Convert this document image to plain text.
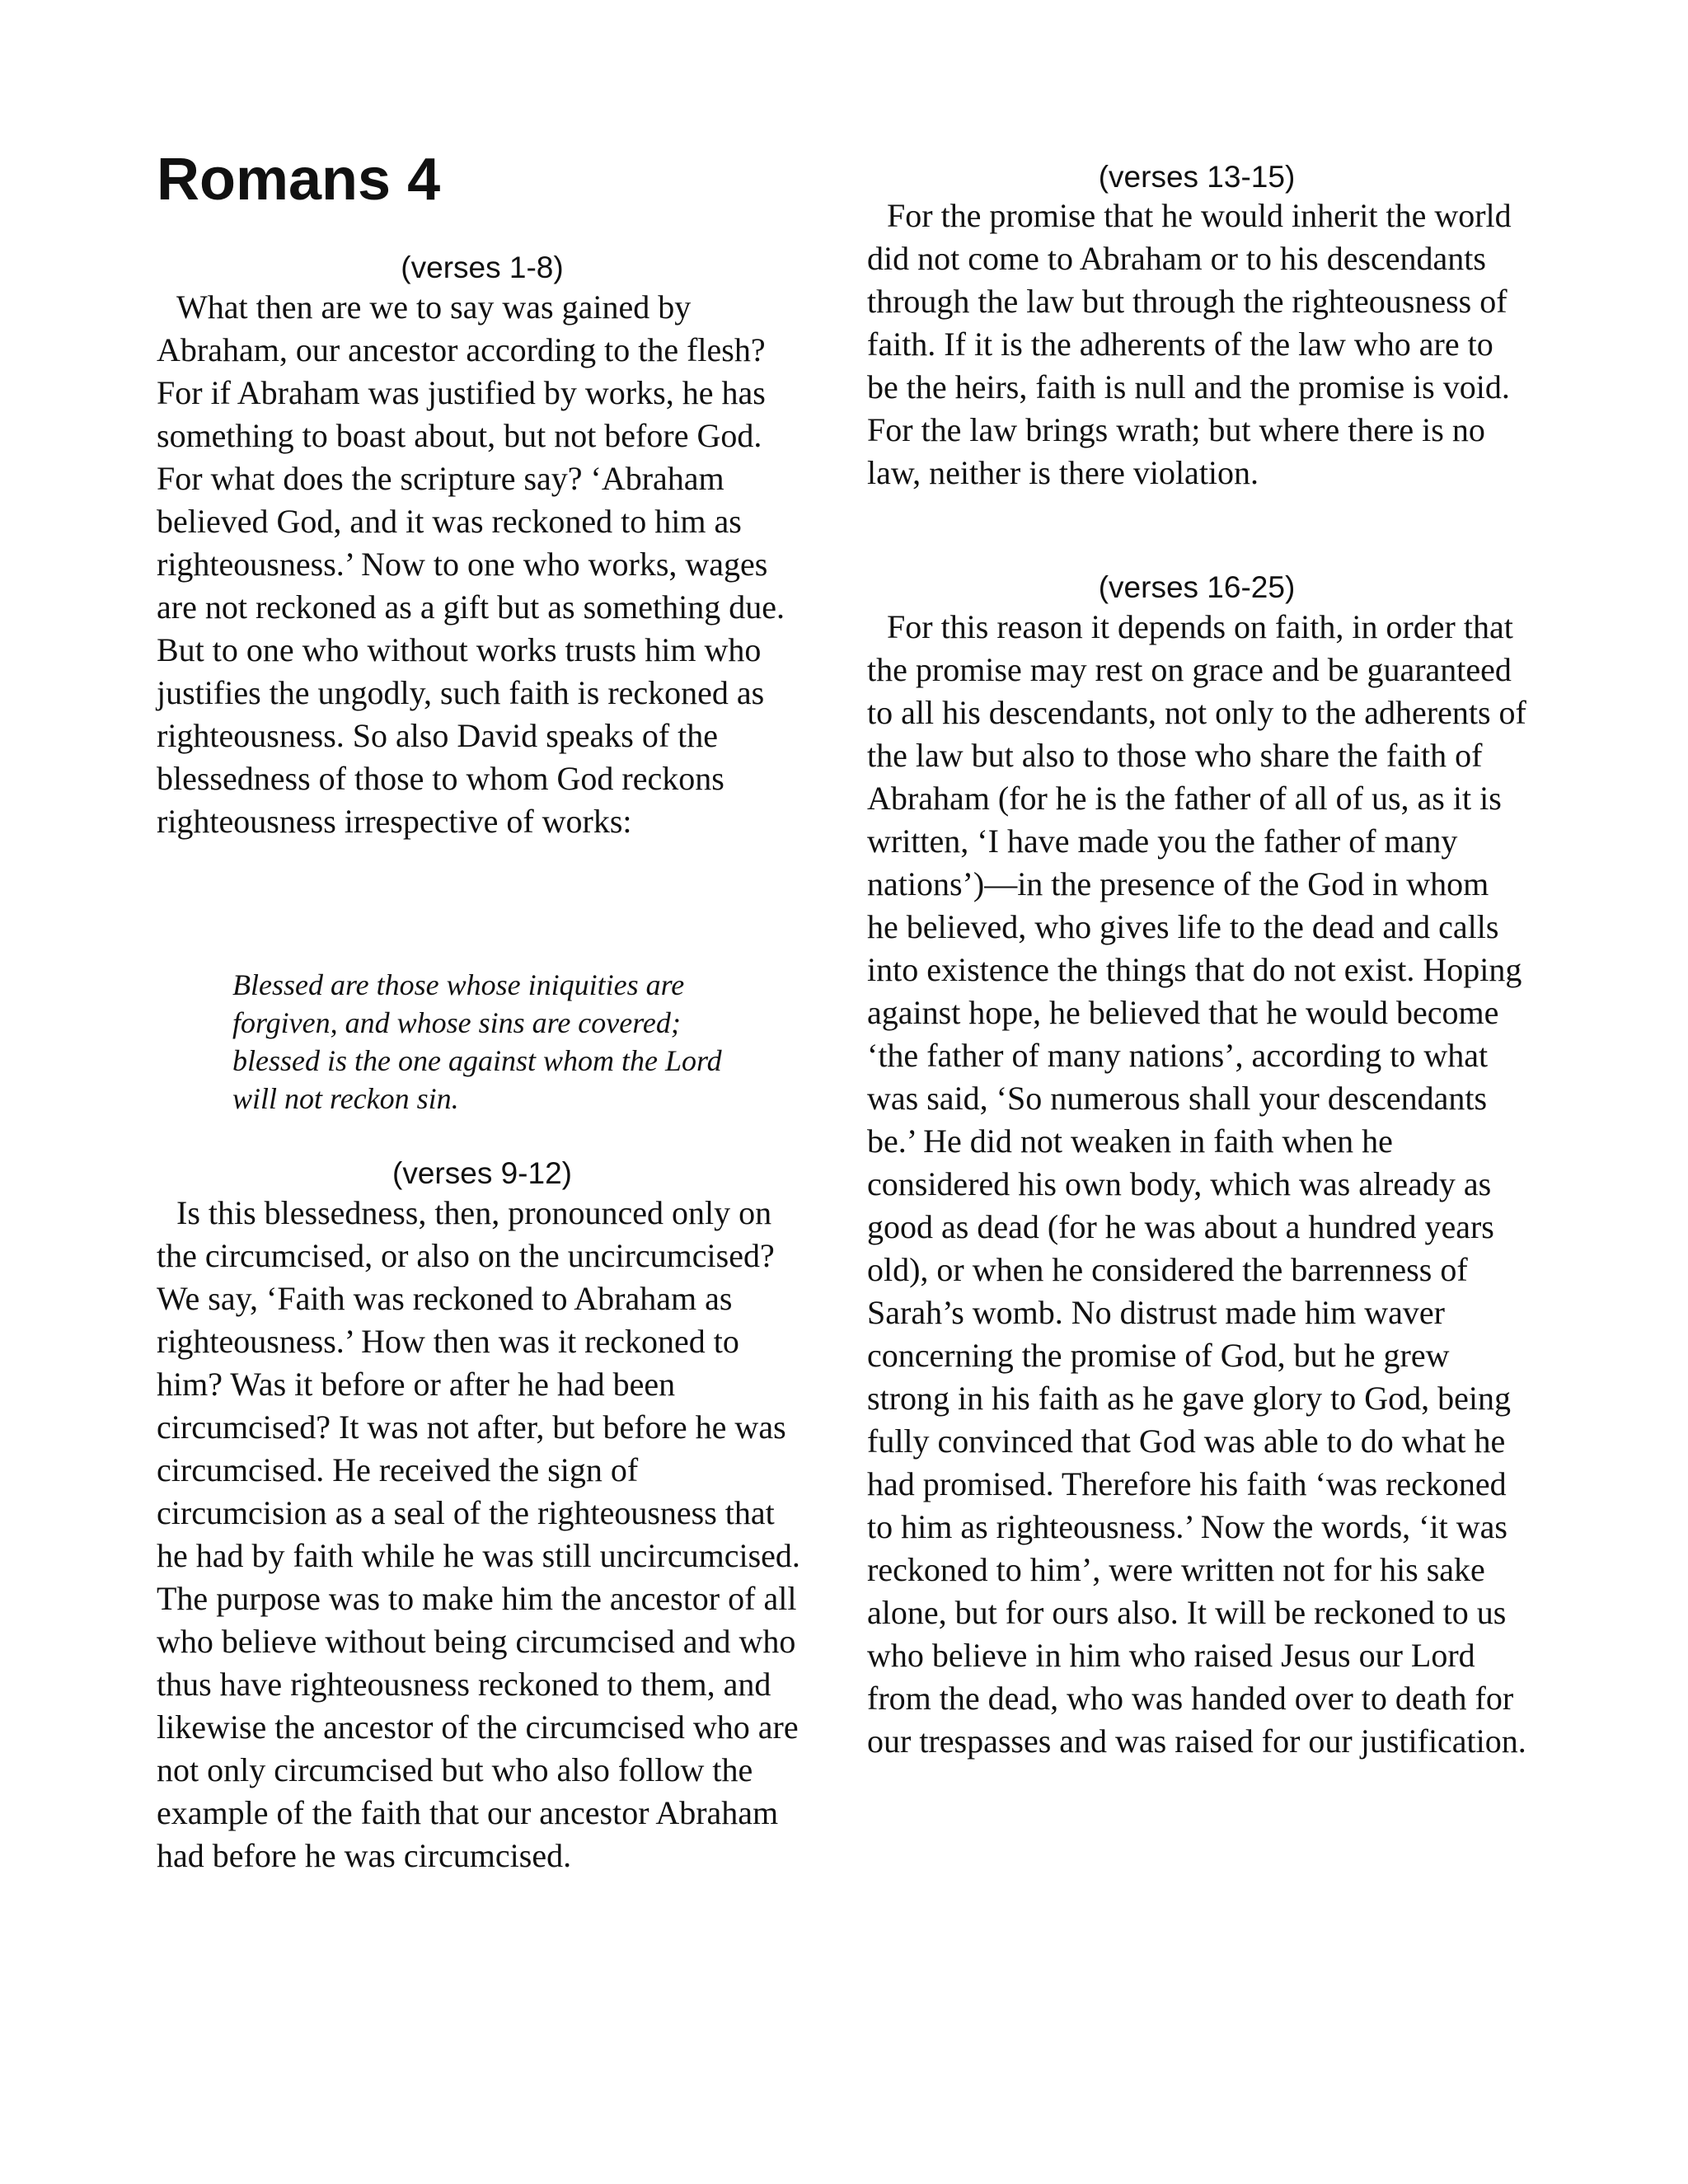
Romans 4
(verses 1-8)

What then are we to say was gained by Abraham, our ancestor according to the flesh? For if Abraham was justified by works, he has something to boast about, but not before God. For what does the scripture say? ‘Abraham believed God, and it was reckoned to him as righteousness.’ Now to one who works, wages are not reckoned as a gift but as something due. But to one who without works trusts him who justifies the ungodly, such faith is reckoned as righteousness. So also David speaks of the blessedness of those to whom God reckons righteousness irrespective of works:

Blessed are those whose iniquities are forgiven, and whose sins are covered; blessed is the one against whom the Lord will not reckon sin.

(verses 9-12)

Is this blessedness, then, pronounced only on the circumcised, or also on the uncircumcised? We say, ‘Faith was reckoned to Abraham as righteousness.’ How then was it reckoned to him? Was it before or after he had been circumcised? It was not after, but before he was circumcised. He received the sign of circumcision as a seal of the righteousness that he had by faith while he was still uncircumcised. The purpose was to make him the ancestor of all who believe without being circumcised and who thus have righteousness reckoned to them, and likewise the ancestor of the circumcised who are not only circumcised but who also follow the example of the faith that our ancestor Abraham had before he was circumcised.

(verses 13-15)

For the promise that he would inherit the world did not come to Abraham or to his descendants through the law but through the righteousness of faith. If it is the adherents of the law who are to be the heirs, faith is null and the promise is void. For the law brings wrath; but where there is no law, neither is there violation.

(verses 16-25)

For this reason it depends on faith, in order that the promise may rest on grace and be guaranteed to all his descendants, not only to the adherents of the law but also to those who share the faith of Abraham (for he is the father of all of us, as it is written, ‘I have made you the father of many nations’)—in the presence of the God in whom he believed, who gives life to the dead and calls into existence the things that do not exist. Hoping against hope, he believed that he would become ‘the father of many nations’, according to what was said, ‘So numerous shall your descendants be.’ He did not weaken in faith when he considered his own body, which was already as good as dead (for he was about a hundred years old), or when he considered the barrenness of Sarah’s womb. No distrust made him waver concerning the promise of God, but he grew strong in his faith as he gave glory to God, being fully convinced that God was able to do what he had promised. Therefore his faith ‘was reckoned to him as righteousness.’ Now the words, ‘it was reckoned to him’, were written not for his sake alone, but for ours also. It will be reckoned to us who believe in him who raised Jesus our Lord from the dead, who was handed over to death for our trespasses and was raised for our justification.
